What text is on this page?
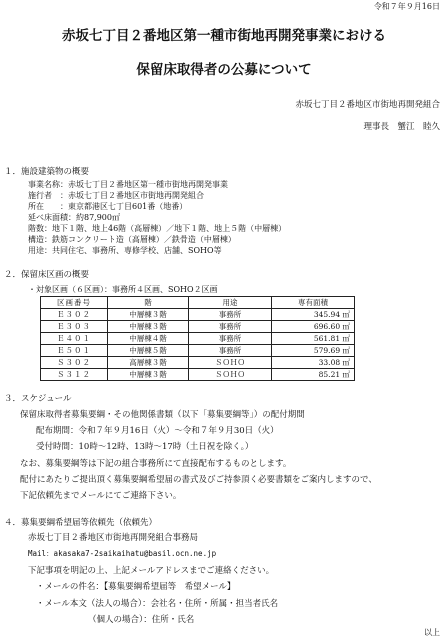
令和７年９月16日
赤坂七丁目２番地区第一種市街地再開発事業における
保留床取得者の公募について
赤坂七丁目２番地区市街地再開発組合
理事長　蟹江　睦久
１．施設建築物の概要
事業名称：赤坂七丁目２番地区第一種市街地再開発事業
施行者　：赤坂七丁目２番地区市街地再開発組合
所在　　：東京都港区七丁目601番（地番）
延べ床面積：約87,900㎡
階数：地下１階、地上46階（高層棟）／地下１階、地上５階（中層棟）
構造：鉄筋コンクリート造（高層棟）／鉄骨造（中層棟）
用途：共同住宅、事務所、専修学校、店舗、SOHO等
２．保留床区画の概要
・対象区画（６区画）：事務所４区画、SOHO２区画
区画番号	階	用途	専有面積
Ｅ３０２	中層棟３階	事務所	345.94 ㎡
Ｅ３０３	中層棟３階	事務所	696.60 ㎡
Ｅ４０１	中層棟４階	事務所	561.81 ㎡
Ｅ５０１	中層棟５階	事務所	579.69 ㎡
Ｓ３０２	高層棟３階	ＳＯＨＯ	33.08 ㎡
Ｓ３１２	中層棟３階	ＳＯＨＯ	85.21 ㎡
３．スケジュール
保留床取得者募集要綱・その他関係書類（以下「募集要綱等」）の配付期間
配布期間：令和７年９月16日（火）～令和７年９月30日（火）
受付時間：10時～12時、13時～17時（土日祝を除く。）
なお、募集要綱等は下記の組合事務所にて直接配布するものとします。
配付にあたりご提出頂く募集要綱希望届の書式及びご持参頂く必要書類をご案内しますので、
下記依頼先までメールにてご連絡下さい。
４．募集要綱希望届等依頼先（依頼先）
赤坂七丁目２番地区市街地再開発組合事務局
Mail：akasaka7-2saikaihatu@basil.ocn.ne.jp
下記事項を明記の上、上記メールアドレスまでご連絡ください。
・メールの件名：【募集要綱希望届等　希望メール】
・メール本文（法人の場合）：会社名・住所・所属・担当者氏名
（個人の場合）：住所・氏名
以上
